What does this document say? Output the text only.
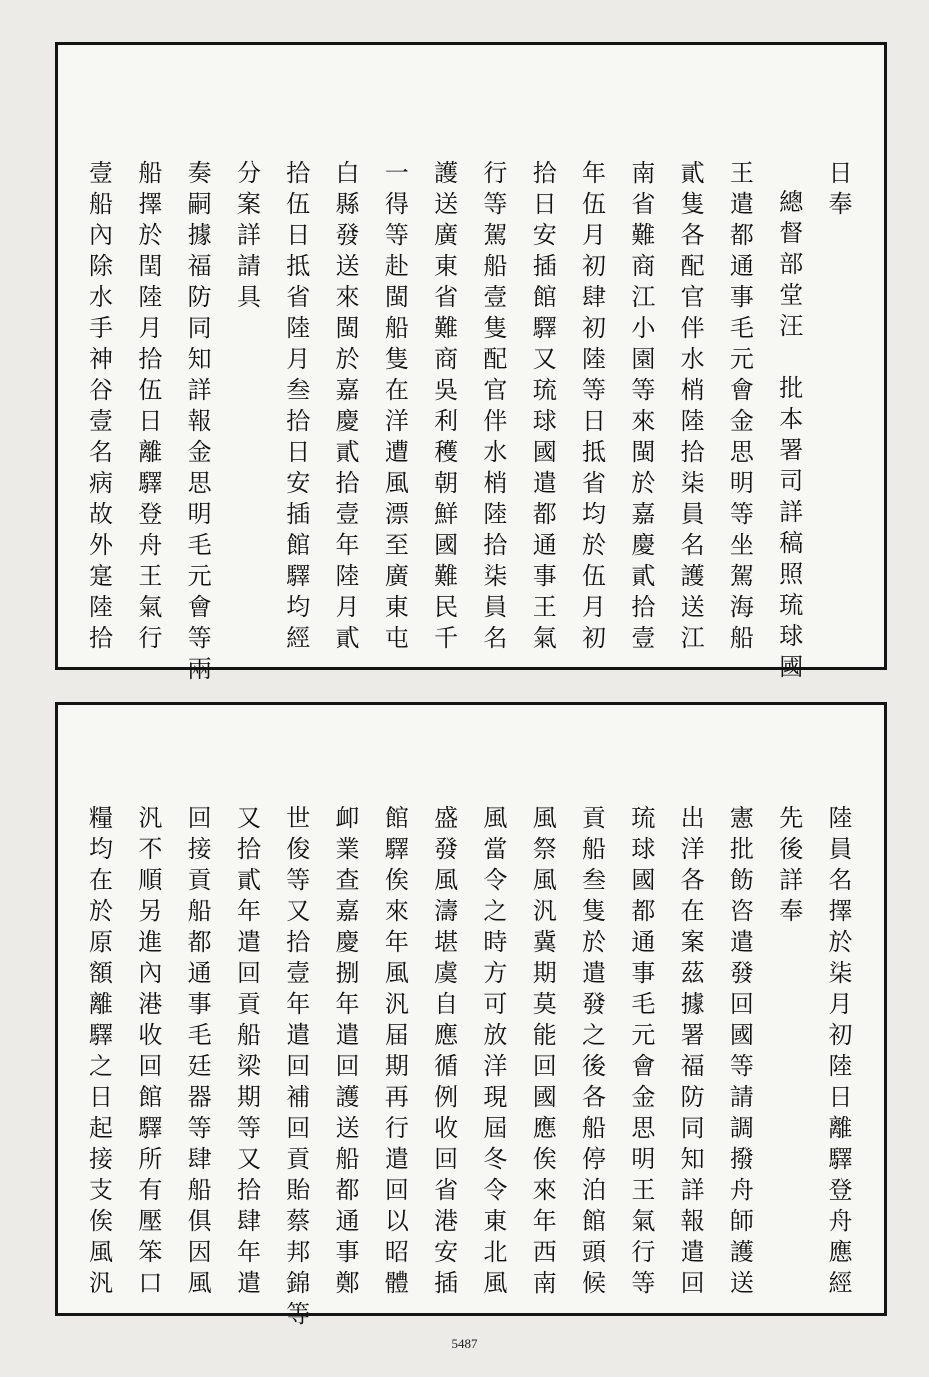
日奉
總督部堂汪　批本署司詳稿照琉球國
王遣都通事毛元會金思明等坐駕海船
貳隻各配官伴水梢陸拾柒員名護送江
南省難商江小園等來閩於嘉慶貳拾壹
年伍月初肆初陸等日抵省均於伍月初
拾日安插館驛又琉球國遣都通事王氣
行等駕船壹隻配官伴水梢陸拾柒員名
護送廣東省難商吳利穫朝鮮國難民千
一得等赴閩船隻在洋遭風漂至廣東屯
白縣發送來閩於嘉慶貳拾壹年陸月貳
拾伍日抵省陸月叁拾日安插館驛均經
分案詳請具
奏嗣據福防同知詳報金思明毛元會等兩
船擇於閏陸月拾伍日離驛登舟王氣行
壹船內除水手神谷壹名病故外寔陸拾
陸員名擇於柒月初陸日離驛登舟應經
先後詳奉
憲批飭咨遣發回國等請調撥舟師護送
出洋各在案茲據署福防同知詳報遣回
琉球國都通事毛元會金思明王氣行等
貢船叁隻於遣發之後各船停泊館頭候
風祭風汎冀期莫能回國應俟來年西南
風當令之時方可放洋現屆冬令東北風
盛發風濤堪虞自應循例收回省港安插
館驛俟來年風汎届期再行遣回以昭體
卹業查嘉慶捌年遣回護送船都通事鄭
世俊等又拾壹年遣回補回貢貽蔡邦錦等
又拾貳年遣回貢船梁期等又拾肆年遣
回接貢船都通事毛廷器等肆船俱因風
汎不順另進內港收回館驛所有壓笨口
糧均在於原額離驛之日起接支俟風汎
5487
